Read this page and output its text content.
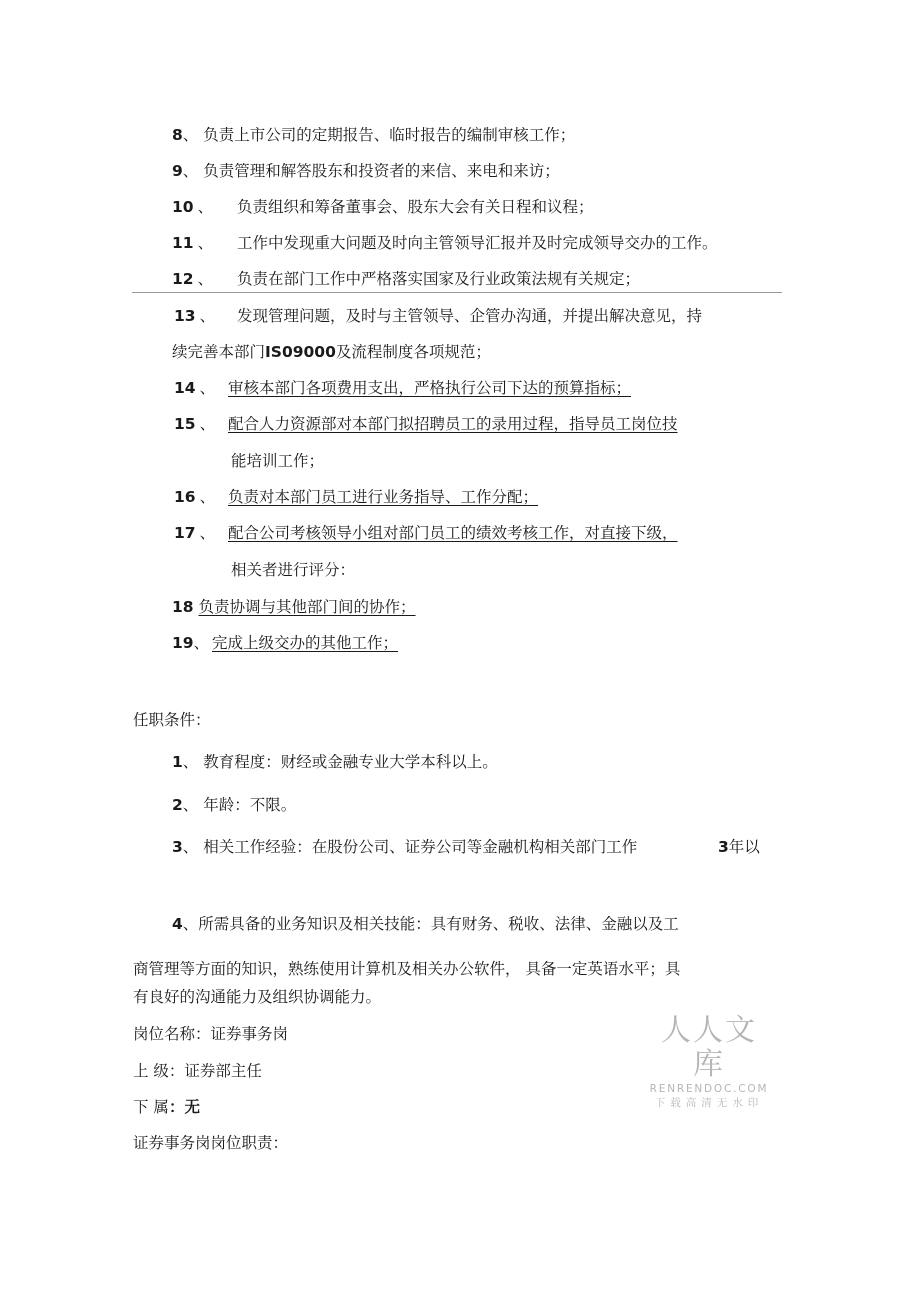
8、 负责上市公司的定期报告、临时报告的编制审核工作；
9、 负责管理和解答股东和投资者的来信、来电和来访；
10 、 负责组织和筹备董事会、股东大会有关日程和议程；
11 、 工作中发现重大问题及时向主管领导汇报并及时完成领导交办的工作。
12 、 负责在部门工作中严格落实国家及行业政策法规有关规定；
13 、 发现管理问题，及时与主管领导、企管办沟通，并提出解决意见，持
续完善本部门IS09000及流程制度各项规范；
14 、 审核本部门各项费用支出，严格执行公司下达的预算指标；
15 、 配合人力资源部对本部门拟招聘员工的录用过程，指导员工岗位技
能培训工作；
16 、 负责对本部门员工进行业务指导、工作分配；
17 、 配合公司考核领导小组对部门员工的绩效考核工作，对直接下级，
相关者进行评分：
18 负责协调与其他部门间的协作；
19、 完成上级交办的其他工作；
任职条件：
1、 教育程度：财经或金融专业大学本科以上。
2、 年龄：不限。
3、 相关工作经验：在股份公司、证券公司等金融机构相关部门工作	3年以
4、所需具备的业务知识及相关技能：具有财务、税收、法律、金融以及工
商管理等方面的知识，熟练使用计算机及相关办公软件， 具备一定英语水平；具
有良好的沟通能力及组织协调能力。
岗位名称：证券事务岗
上 级：证券部主任
下 属：无
证券事务岗岗位职责：
人人文库
RENRENDOC.COM
下载高清无水印
